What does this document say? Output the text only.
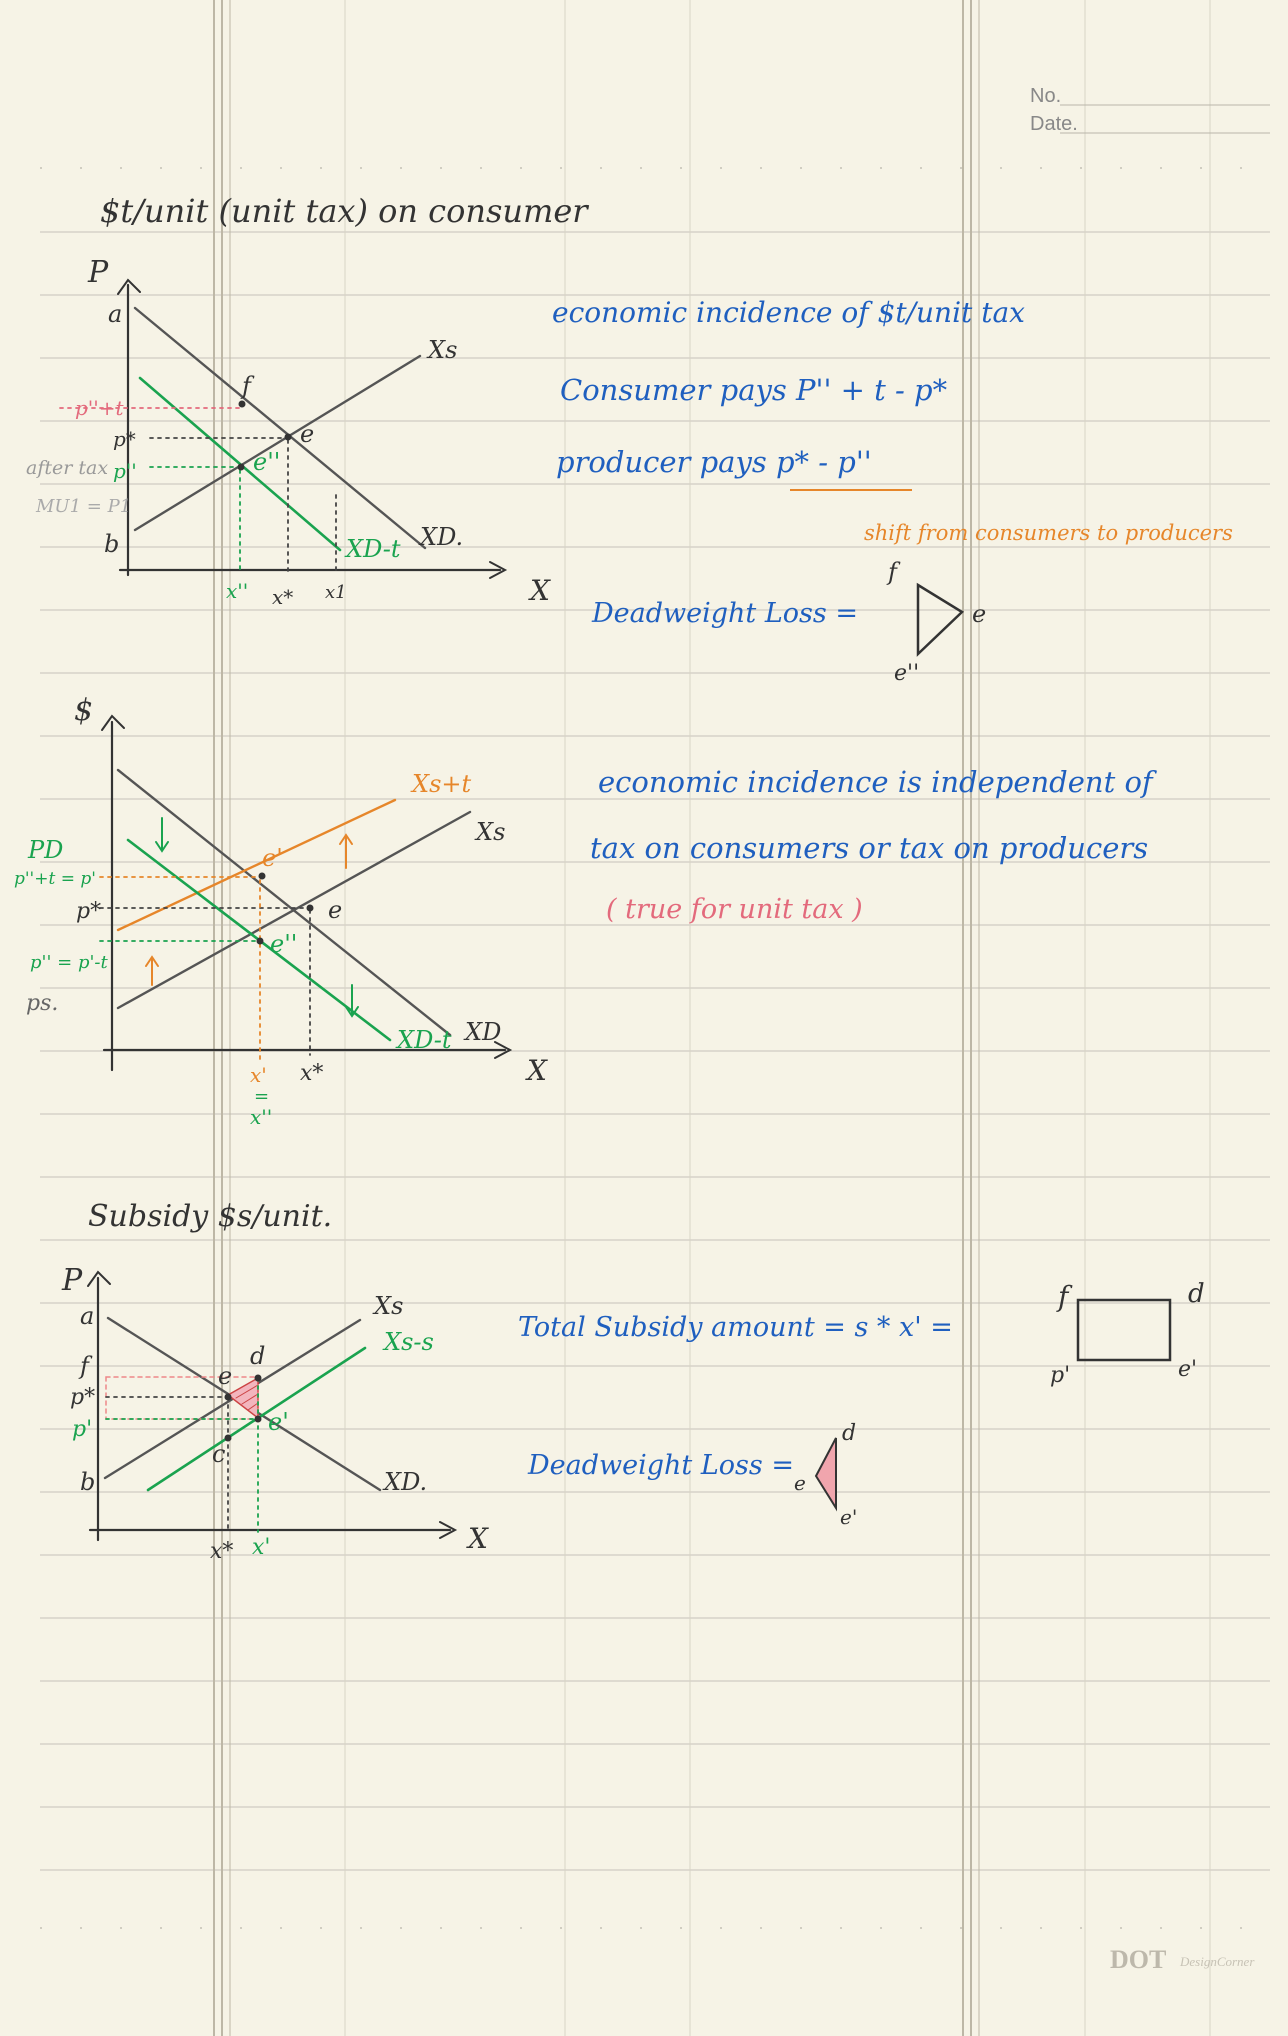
P
X
a
b
f
e
e''
Xs
XD.
XD-t
p''+t
p*
p''
after tax
MU1 = P1
x'' x* x1
$
X
Xs+t
Xs
XD
XD-t
PD
p''+t = p'
p*
p'' = p'-t
ps.
e'
e
e''
x'
=
x''
x*
P
X
a
f
p*
p'
b
Xs
Xs-s
XD.
e
d
e'
c
x* x'
$t/unit (unit tax) on consumer
economic incidence of $t/unit tax
Consumer pays P'' + t - p*
producer pays p* - p''
shift from consumers to producers
Deadweight Loss =
f
e
e''
economic incidence is independent of
tax on consumers or tax on producers
( true for unit tax )
Subsidy $s/unit.
Total Subsidy amount = s * x' =
f	d
p'	e'
Deadweight Loss =
e
d
e'
DOT DesignCorner
No.
Date.
